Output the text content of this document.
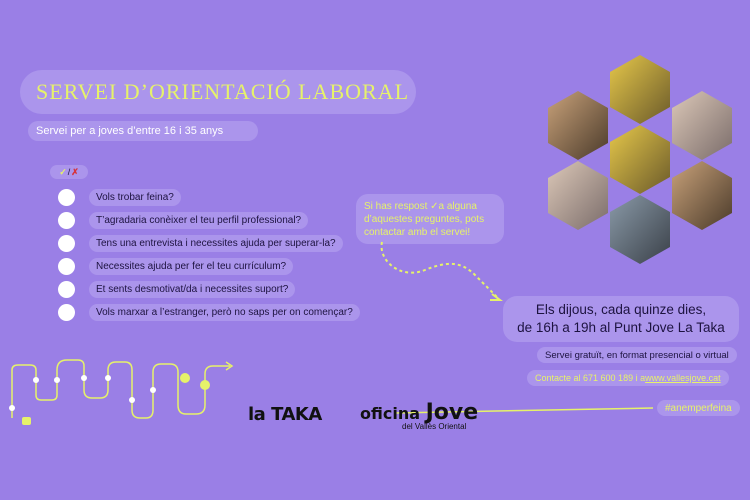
SERVEI D’ORIENTACIÓ LABORAL
Servei per a joves d’entre 16 i 35 anys
✓ / ✗
Vols trobar feina?
T’agradaria conèixer el teu perfil professional?
Tens una entrevista i necessites ajuda per superar-la?
Necessites ajuda per fer el teu currículum?
Et sents desmotivat/da i necessites suport?
Vols marxar a l’estranger, però no saps per on començar?
Si has respost ✓a alguna
d’aquestes preguntes, pots
contactar amb el servei!
Els dijous, cada quinze dies,
de 16h a 19h al Punt Jove La Taka
Servei gratuït, en format presencial o virtual
Contacte al 671 600 189 i a www.vallesjove.cat
#anemperfeina
la TAKA oficina Jove
del Vallès Oriental
